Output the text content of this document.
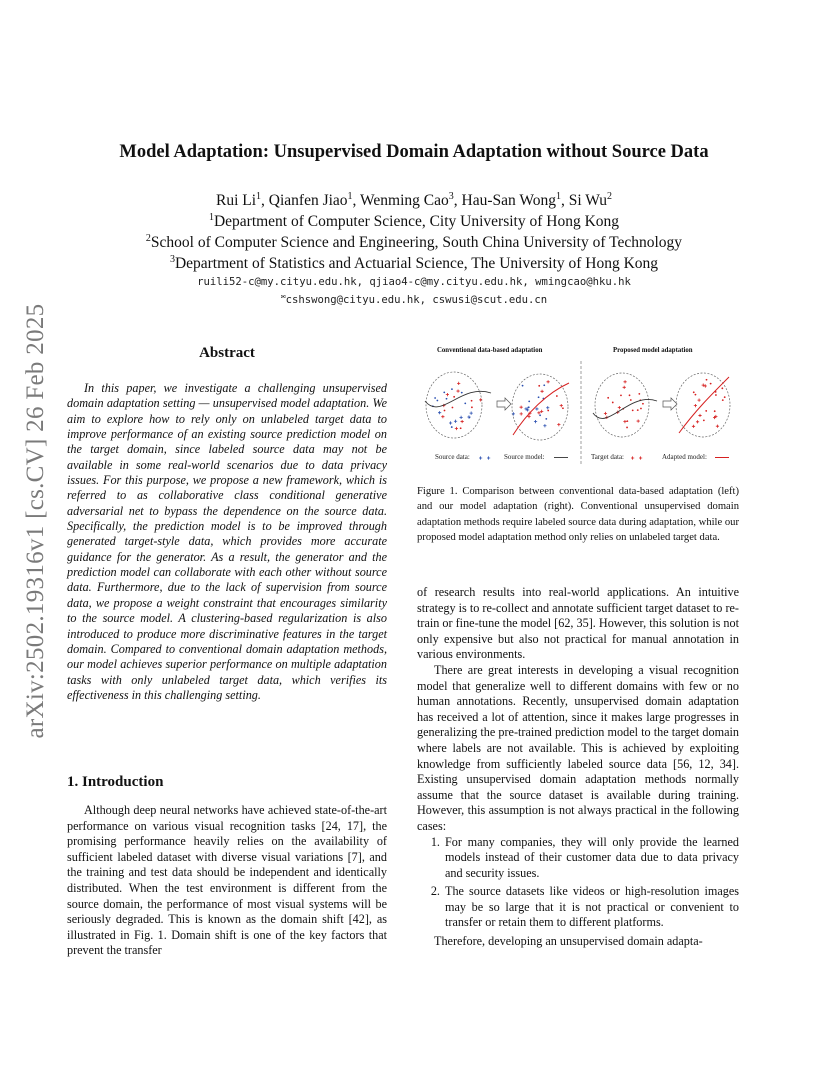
arXiv:2502.19316v1 [cs.CV] 26 Feb 2025
Model Adaptation: Unsupervised Domain Adaptation without Source Data
Rui Li$^1$, Qianfen Jiao$^1$, Wenming Cao$^3$, Hau-San Wong$^1$, Si Wu$^2$
$^1$Department of Computer Science, City University of Hong Kong
$^2$School of Computer Science and Engineering, South China University of Technology
$^3$Department of Statistics and Actuarial Science, The University of Hong Kong
ruili52-c@my.cityu.edu.hk, qjiao4-c@my.cityu.edu.hk, wmingcao@hku.hk
✉cshswong@cityu.edu.hk, cswusi@scut.edu.cn
Abstract

In this paper, we investigate a challenging unsupervised domain adaptation setting — unsupervised model adaptation. We aim to explore how to rely only on unlabeled target data to improve performance of an existing source prediction model on the target domain, since labeled source data may not be available in some real-world scenarios due to data privacy issues. For this purpose, we propose a new framework, which is referred to as collaborative class conditional generative adversarial net to bypass the dependence on the source data. Specifically, the prediction model is to be improved through generated target-style data, which provides more accurate guidance for the generator. As a result, the generator and the prediction model can collaborate with each other without source data. Furthermore, due to the lack of supervision from source data, we propose a weight constraint that encourages similarity to the source model. A clustering-based regularization is also introduced to produce more discriminative features in the target domain. Compared to conventional domain adaptation methods, our model achieves superior performance on multiple adaptation tasks with only unlabeled target data, which verifies its effectiveness in this challenging setting.

1. Introduction

Although deep neural networks have achieved state-of-the-art performance on various visual recognition tasks [24, 17], the promising performance heavily relies on the availability of sufficient labeled dataset with diverse visual variations [7], and the training and test data should be independent and identically distributed. When the test environment is different from the source domain, the performance of most visual systems will be seriously degraded. This is known as the domain shift [42], as illustrated in Fig. 1. Domain shift is one of the key factors that prevent the transfer

Conventional data-based adaptation	Proposed model adaptation
Source data:	Source model:	Target data:	Adapted model:

Figure 1. Comparison between conventional data-based adaptation (left) and our model adaptation (right). Conventional unsupervised domain adaptation methods require labeled source data during adaptation, while our proposed model adaptation method only relies on unlabeled target data.

of research results into real-world applications. An intuitive strategy is to re-collect and annotate sufficient target dataset to re-train or fine-tune the model [62, 35]. However, this solution is not only expensive but also not practical for manual annotation in various environments.

There are great interests in developing a visual recognition model that generalize well to different domains with few or no human annotations. Recently, unsupervised domain adaptation has received a lot of attention, since it makes large progresses in generalizing the pre-trained prediction model to the target domain where labels are not available. This is achieved by exploiting knowledge from sufficiently labeled source data [56, 12, 34]. Existing unsupervised domain adaptation methods normally assume that the source dataset is available during training. However, this assumption is not always practical in the following cases:

1. For many companies, they will only provide the learned models instead of their customer data due to data privacy and security issues.
2. The source datasets like videos or high-resolution images may be so large that it is not practical or convenient to transfer or retain them to different platforms.

Therefore, developing an unsupervised domain adapta-
